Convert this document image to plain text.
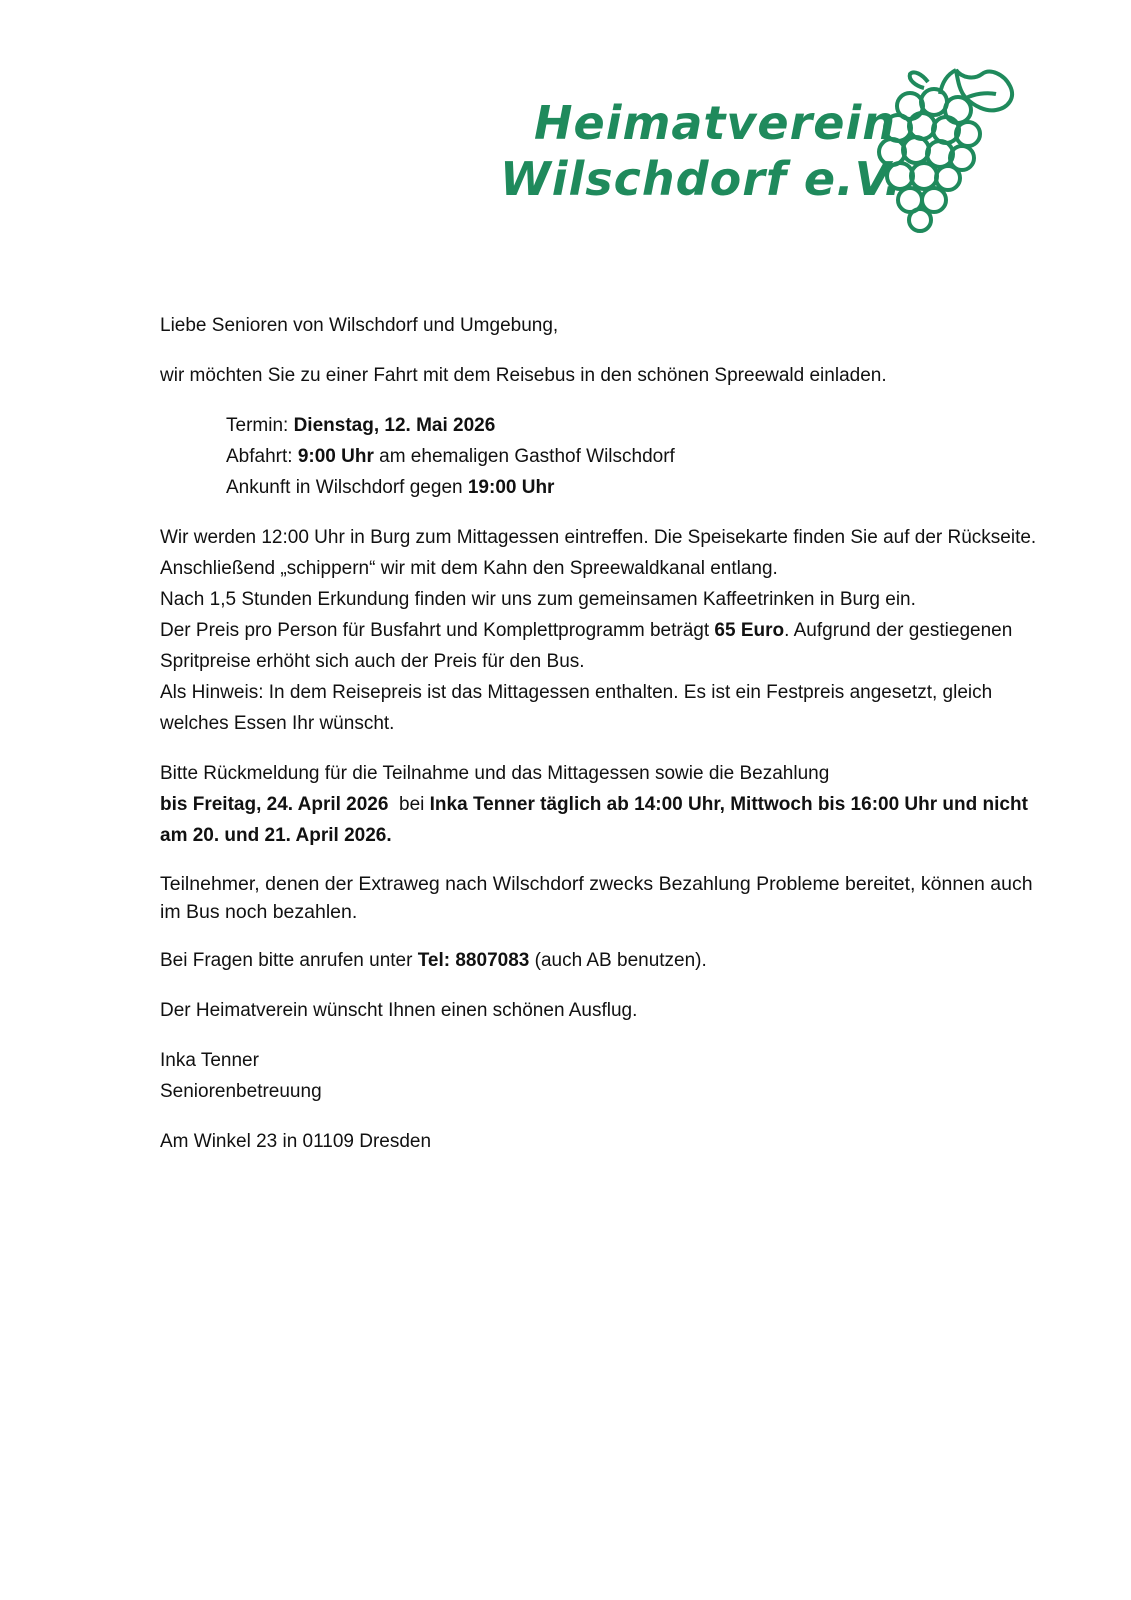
Heimatverein

Wilschdorf e.V.

Liebe Senioren von Wilschdorf und Umgebung,

wir möchten Sie zu einer Fahrt mit dem Reisebus in den schönen Spreewald einladen.

Termin: Dienstag, 12. Mai 2026

Abfahrt: 9:00 Uhr am ehemaligen Gasthof Wilschdorf

Ankunft in Wilschdorf gegen 19:00 Uhr

Wir werden 12:00 Uhr in Burg zum Mittagessen eintreffen. Die Speisekarte finden Sie auf der Rückseite.

Anschließend „schippern“ wir mit dem Kahn den Spreewaldkanal entlang.

Nach 1,5 Stunden Erkundung finden wir uns zum gemeinsamen Kaffeetrinken in Burg ein.

Der Preis pro Person für Busfahrt und Komplettprogramm beträgt 65 Euro. Aufgrund der gestiegenen Spritpreise erhöht sich auch der Preis für den Bus.

Als Hinweis: In dem Reisepreis ist das Mittagessen enthalten. Es ist ein Festpreis angesetzt, gleich welches Essen Ihr wünscht.

Bitte Rückmeldung für die Teilnahme und das Mittagessen sowie die Bezahlung

bis Freitag, 24. April 2026  bei Inka Tenner täglich ab 14:00 Uhr, Mittwoch bis 16:00 Uhr und nicht am 20. und 21. April 2026.

Teilnehmer, denen der Extraweg nach Wilschdorf zwecks Bezahlung Probleme bereitet, können auch im Bus noch bezahlen.

Bei Fragen bitte anrufen unter Tel: 8807083 (auch AB benutzen).

Der Heimatverein wünscht Ihnen einen schönen Ausflug.

Inka Tenner

Seniorenbetreuung

Am Winkel 23 in 01109 Dresden
